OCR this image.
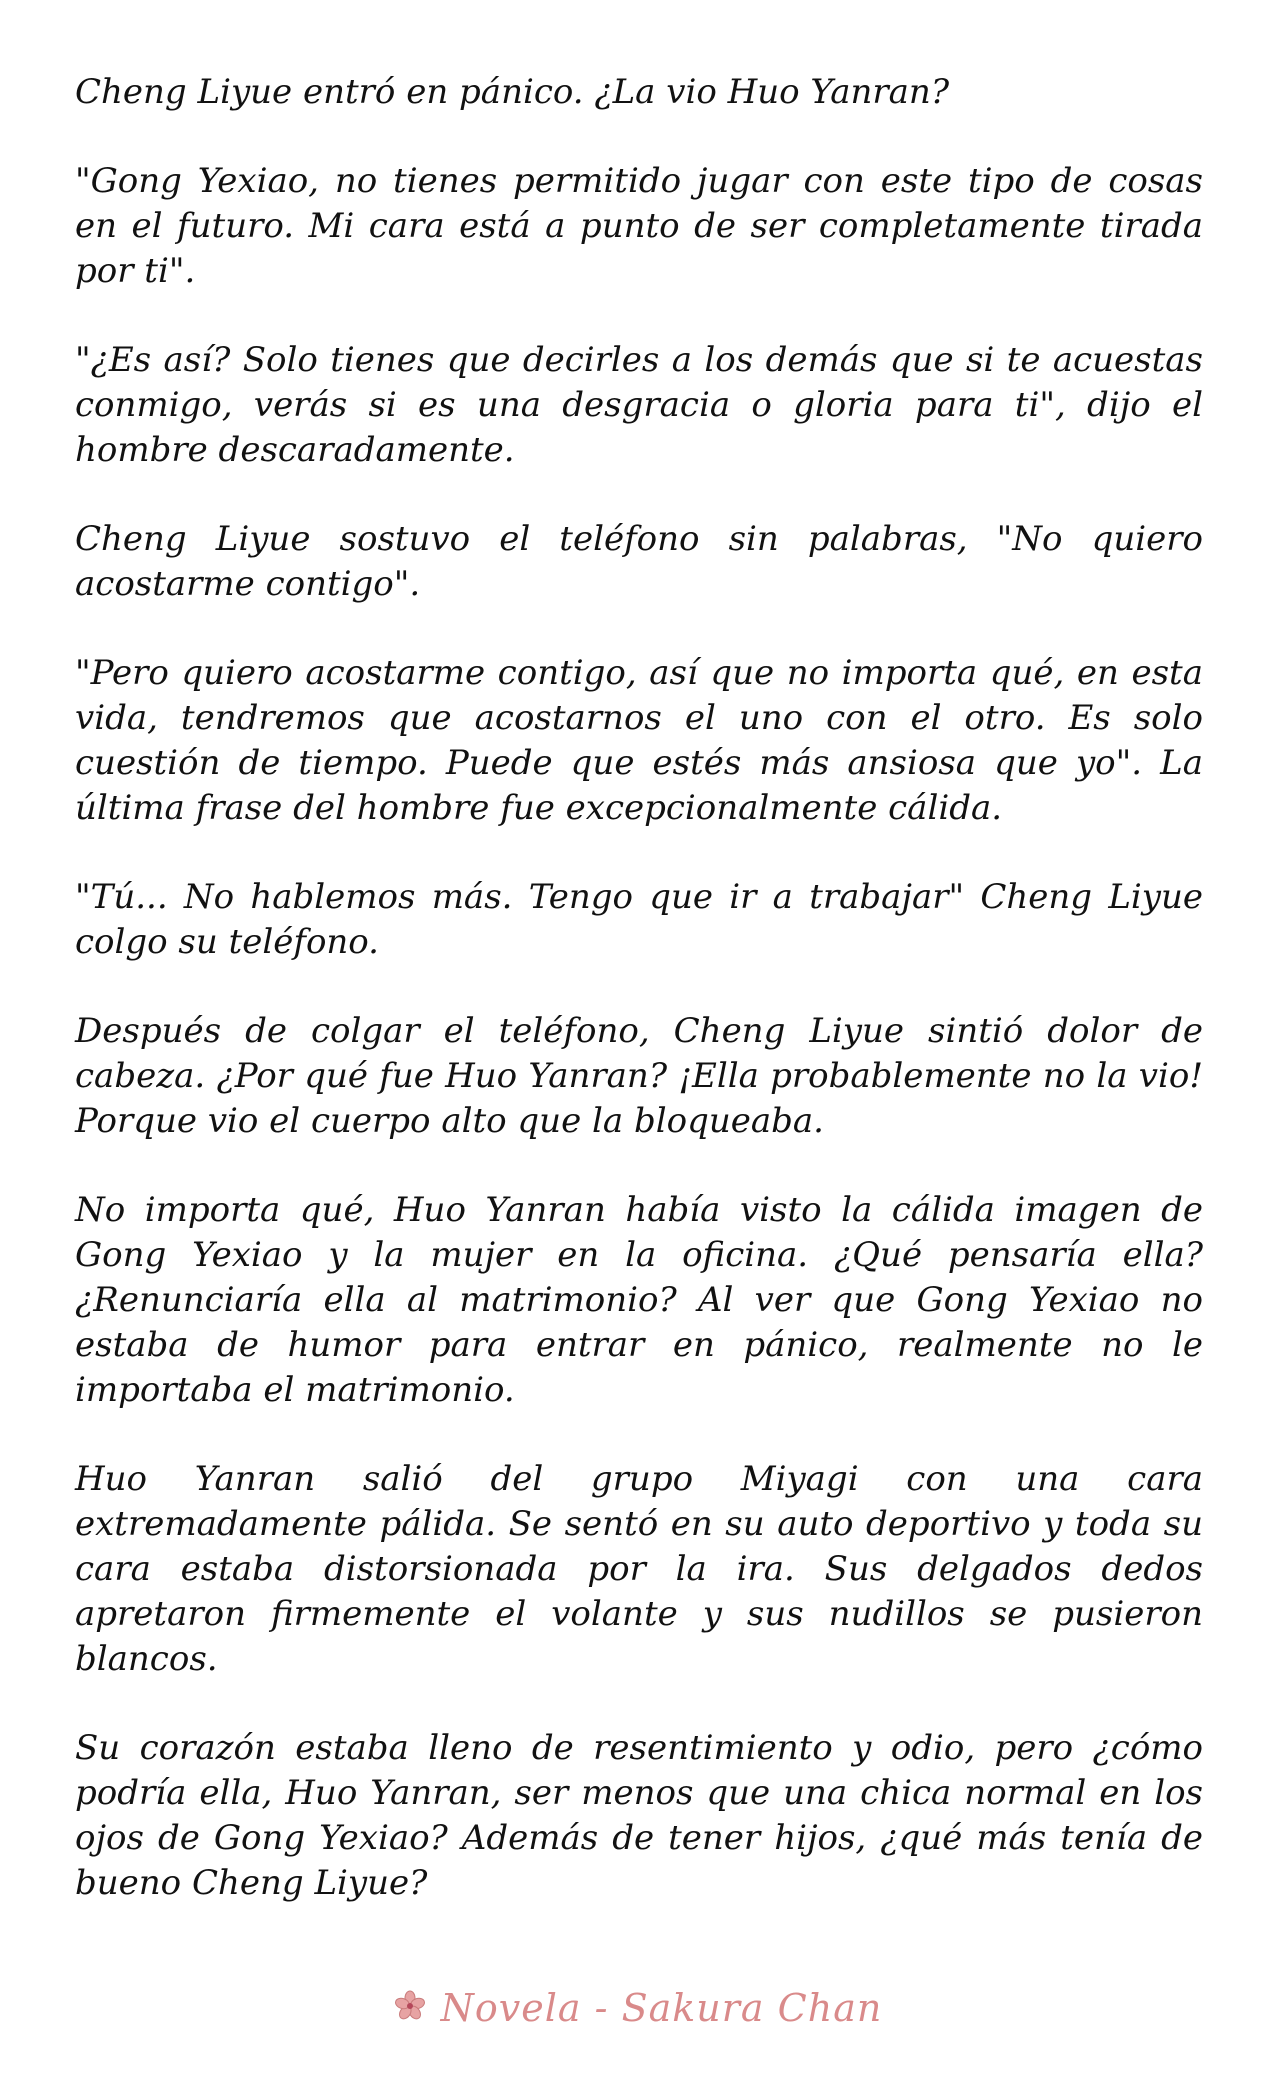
Cheng Liyue entró en pánico. ¿La vio Huo Yanran?

"Gong Yexiao, no tienes permitido jugar con este tipo de cosas en el futuro. Mi cara está a punto de ser completamente tirada por ti".

"¿Es así? Solo tienes que decirles a los demás que si te acuestas conmigo, verás si es una desgracia o gloria para ti", dijo el hombre descaradamente.

Cheng Liyue sostuvo el teléfono sin palabras, "No quiero acostarme contigo".

"Pero quiero acostarme contigo, así que no importa qué, en esta vida, tendremos que acostarnos el uno con el otro. Es solo cuestión de tiempo. Puede que estés más ansiosa que yo". La última frase del hombre fue excepcionalmente cálida.

"Tú... No hablemos más. Tengo que ir a trabajar" Cheng Liyue colgo su teléfono.

Después de colgar el teléfono, Cheng Liyue sintió dolor de cabeza. ¿Por qué fue Huo Yanran? ¡Ella probablemente no la vio! Porque vio el cuerpo alto que la bloqueaba.

No importa qué, Huo Yanran había visto la cálida imagen de Gong Yexiao y la mujer en la oficina. ¿Qué pensaría ella? ¿Renunciaría ella al matrimonio? Al ver que Gong Yexiao no estaba de humor para entrar en pánico, realmente no le importaba el matrimonio.

Huo Yanran salió del grupo Miyagi con una cara extremadamente pálida. Se sentó en su auto deportivo y toda su cara estaba distorsionada por la ira. Sus delgados dedos apretaron firmemente el volante y sus nudillos se pusieron blancos.

Su corazón estaba lleno de resentimiento y odio, pero ¿cómo podría ella, Huo Yanran, ser menos que una chica normal en los ojos de Gong Yexiao? Además de tener hijos, ¿qué más tenía de bueno Cheng Liyue?

Novela - Sakura Chan
